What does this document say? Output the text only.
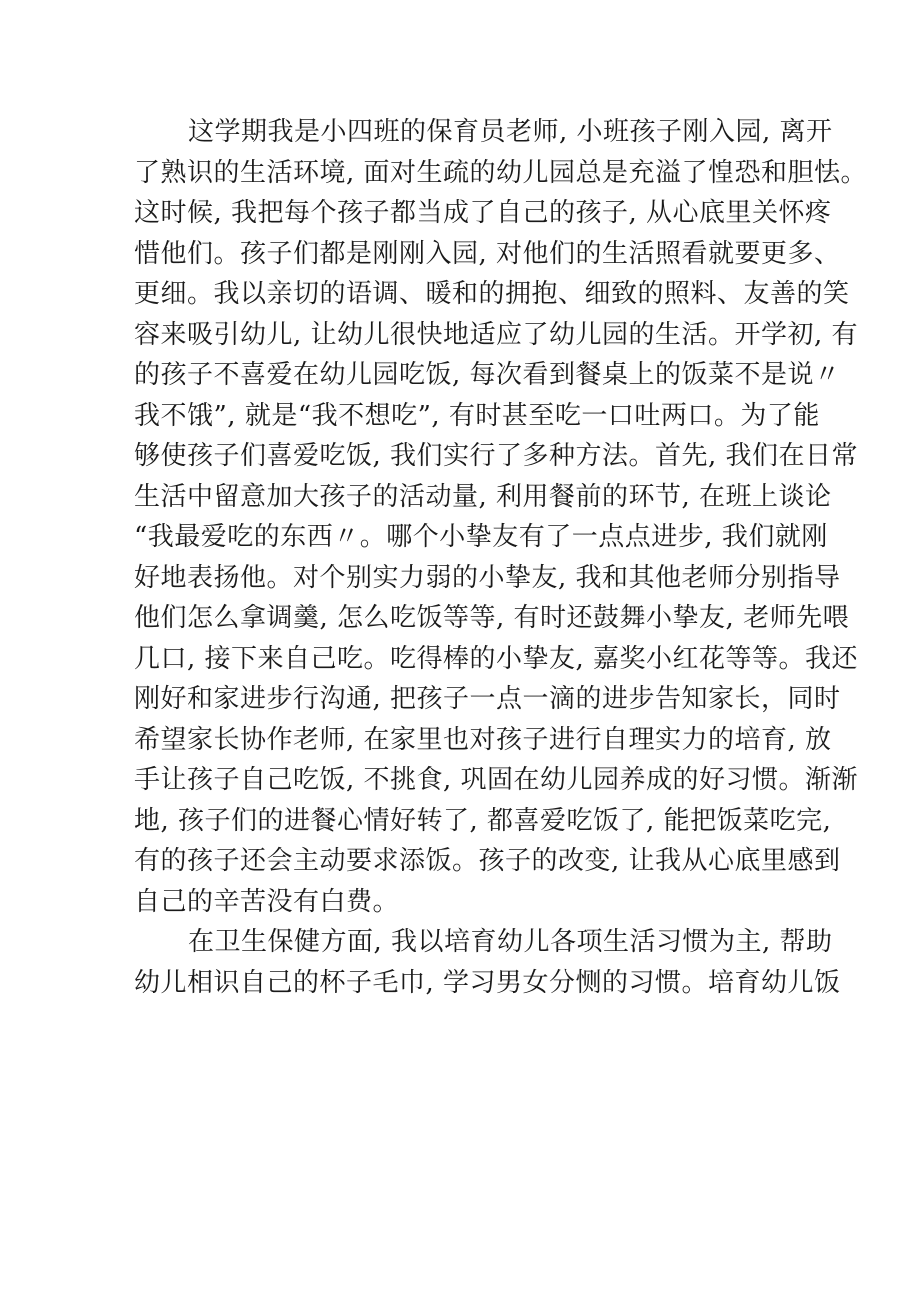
这学期我是小四班的保育员老师, 小班孩子刚入园, 离开
了熟识的生活环境, 面对生疏的幼儿园总是充溢了惶恐和胆怯。
这时候, 我把每个孩子都当成了自己的孩子, 从心底里关怀疼
惜他们。孩子们都是刚刚入园, 对他们的生活照看就要更多、
更细。我以亲切的语调、暖和的拥抱、细致的照料、友善的笑
容来吸引幼儿, 让幼儿很快地适应了幼儿园的生活。开学初, 有
的孩子不喜爱在幼儿园吃饭, 每次看到餐桌上的饭菜不是说〃
我不饿”, 就是“我不想吃”, 有时甚至吃一口吐两口。为了能
够使孩子们喜爱吃饭, 我们实行了多种方法。首先, 我们在日常
生活中留意加大孩子的活动量, 利用餐前的环节, 在班上谈论
“我最爱吃的东西〃。哪个小挚友有了一点点进步, 我们就刚
好地表扬他。对个别实力弱的小挚友, 我和其他老师分别指导
他们怎么拿调羹, 怎么吃饭等等, 有时还鼓舞小挚友, 老师先喂
几口, 接下来自己吃。吃得棒的小挚友, 嘉奖小红花等等。我还
刚好和家进步行沟通, 把孩子一点一滴的进步告知家长，同时
希望家长协作老师, 在家里也对孩子进行自理实力的培育, 放
手让孩子自己吃饭, 不挑食, 巩固在幼儿园养成的好习惯。渐渐
地, 孩子们的进餐心情好转了, 都喜爱吃饭了, 能把饭菜吃完,
有的孩子还会主动要求添饭。孩子的改变, 让我从心底里感到
自己的辛苦没有白费。
在卫生保健方面, 我以培育幼儿各项生活习惯为主, 帮助
幼儿相识自己的杯子毛巾, 学习男女分恻的习惯。培育幼儿饭
